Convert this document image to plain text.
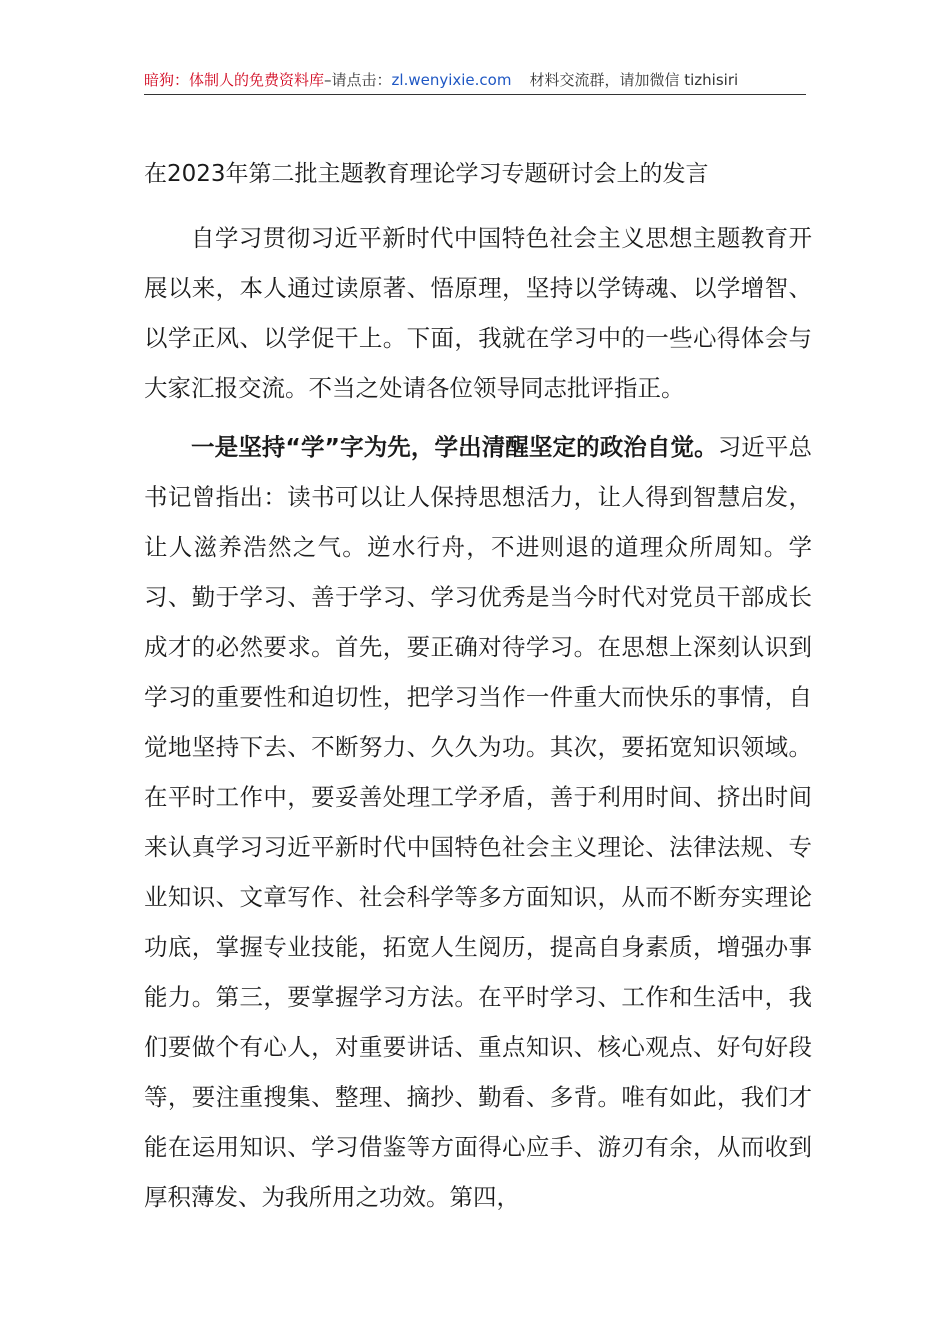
暗狗：体制人的免费资料库–请点击：zl.wenyixie.com 材料交流群，请加微信 tizhisiri
在2023年第二批主题教育理论学习专题研讨会上的发言

自学习贯彻习近平新时代中国特色社会主义思想主题教育开展以来，本人通过读原著、悟原理，坚持以学铸魂、以学增智、以学正风、以学促干上。下面，我就在学习中的一些心得体会与大家汇报交流。不当之处请各位领导同志批评指正。

一是坚持“学”字为先，学出清醒坚定的政治自觉。习近平总书记曾指出：读书可以让人保持思想活力，让人得到智慧启发，让人滋养浩然之气。逆水行舟，不进则退的道理众所周知。学习、勤于学习、善于学习、学习优秀是当今时代对党员干部成长成才的必然要求。首先，要正确对待学习。在思想上深刻认识到学习的重要性和迫切性，把学习当作一件重大而快乐的事情，自觉地坚持下去、不断努力、久久为功。其次，要拓宽知识领域。在平时工作中，要妥善处理工学矛盾，善于利用时间、挤出时间来认真学习习近平新时代中国特色社会主义理论、法律法规、专业知识、文章写作、社会科学等多方面知识，从而不断夯实理论功底，掌握专业技能，拓宽人生阅历，提高自身素质，增强办事能力。第三，要掌握学习方法。在平时学习、工作和生活中，我们要做个有心人，对重要讲话、重点知识、核心观点、好句好段等，要注重搜集、整理、摘抄、勤看、多背。唯有如此，我们才能在运用知识、学习借鉴等方面得心应手、游刃有余，从而收到厚积薄发、为我所用之功效。第四，
